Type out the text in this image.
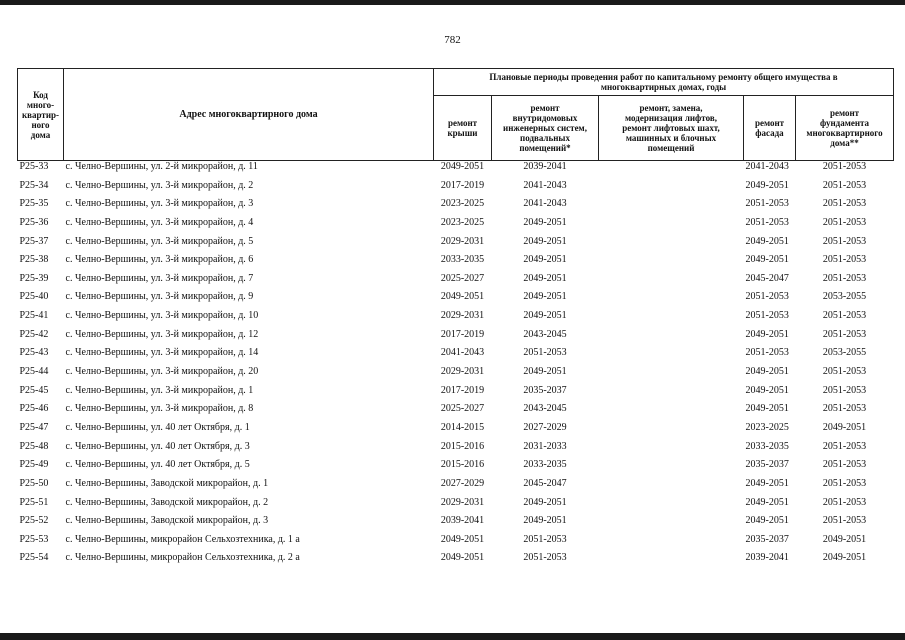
782
Код
много-
квартир-
ного
дома	Адрес многоквартирного дома	Плановые периоды проведения работ по капитальному ремонту общего имущества в
многоквартирных домах, годы				
		ремонт
крыши	ремонт
внутридомовых
инженерных систем,
подвальных
помещений*	ремонт, замена,
модернизация лифтов,
ремонт лифтовых шахт,
машинных и блочных
помещений	ремонт
фасада	ремонт
фундамента
многоквартирного
дома**
Р25-33	с. Челно-Вершины, ул. 2-й микрорайон, д. 11	2049-2051	2039-2041		2041-2043	2051-2053
Р25-34	с. Челно-Вершины, ул. 3-й микрорайон, д. 2	2017-2019	2041-2043		2049-2051	2051-2053
Р25-35	с. Челно-Вершины, ул. 3-й микрорайон, д. 3	2023-2025	2041-2043		2051-2053	2051-2053
Р25-36	с. Челно-Вершины, ул. 3-й микрорайон, д. 4	2023-2025	2049-2051		2051-2053	2051-2053
Р25-37	с. Челно-Вершины, ул. 3-й микрорайон, д. 5	2029-2031	2049-2051		2049-2051	2051-2053
Р25-38	с. Челно-Вершины, ул. 3-й микрорайон, д. 6	2033-2035	2049-2051		2049-2051	2051-2053
Р25-39	с. Челно-Вершины, ул. 3-й микрорайон, д. 7	2025-2027	2049-2051		2045-2047	2051-2053
Р25-40	с. Челно-Вершины, ул. 3-й микрорайон, д. 9	2049-2051	2049-2051		2051-2053	2053-2055
Р25-41	с. Челно-Вершины, ул. 3-й микрорайон, д. 10	2029-2031	2049-2051		2051-2053	2051-2053
Р25-42	с. Челно-Вершины, ул. 3-й микрорайон, д. 12	2017-2019	2043-2045		2049-2051	2051-2053
Р25-43	с. Челно-Вершины, ул. 3-й микрорайон, д. 14	2041-2043	2051-2053		2051-2053	2053-2055
Р25-44	с. Челно-Вершины, ул. 3-й микрорайон, д. 20	2029-2031	2049-2051		2049-2051	2051-2053
Р25-45	с. Челно-Вершины, ул. 3-й микрорайон, д. 1	2017-2019	2035-2037		2049-2051	2051-2053
Р25-46	с. Челно-Вершины, ул. 3-й микрорайон, д. 8	2025-2027	2043-2045		2049-2051	2051-2053
Р25-47	с. Челно-Вершины, ул. 40 лет Октября, д. 1	2014-2015	2027-2029		2023-2025	2049-2051
Р25-48	с. Челно-Вершины, ул. 40 лет Октября, д. 3	2015-2016	2031-2033		2033-2035	2051-2053
Р25-49	с. Челно-Вершины, ул. 40 лет Октября, д. 5	2015-2016	2033-2035		2035-2037	2051-2053
Р25-50	с. Челно-Вершины, Заводской микрорайон, д. 1	2027-2029	2045-2047		2049-2051	2051-2053
Р25-51	с. Челно-Вершины, Заводской микрорайон, д. 2	2029-2031	2049-2051		2049-2051	2051-2053
Р25-52	с. Челно-Вершины, Заводской микрорайон, д. 3	2039-2041	2049-2051		2049-2051	2051-2053
Р25-53	с. Челно-Вершины, микрорайон Сельхозтехника, д. 1 а	2049-2051	2051-2053		2035-2037	2049-2051
Р25-54	с. Челно-Вершины, микрорайон Сельхозтехника, д. 2 а	2049-2051	2051-2053		2039-2041	2049-2051
